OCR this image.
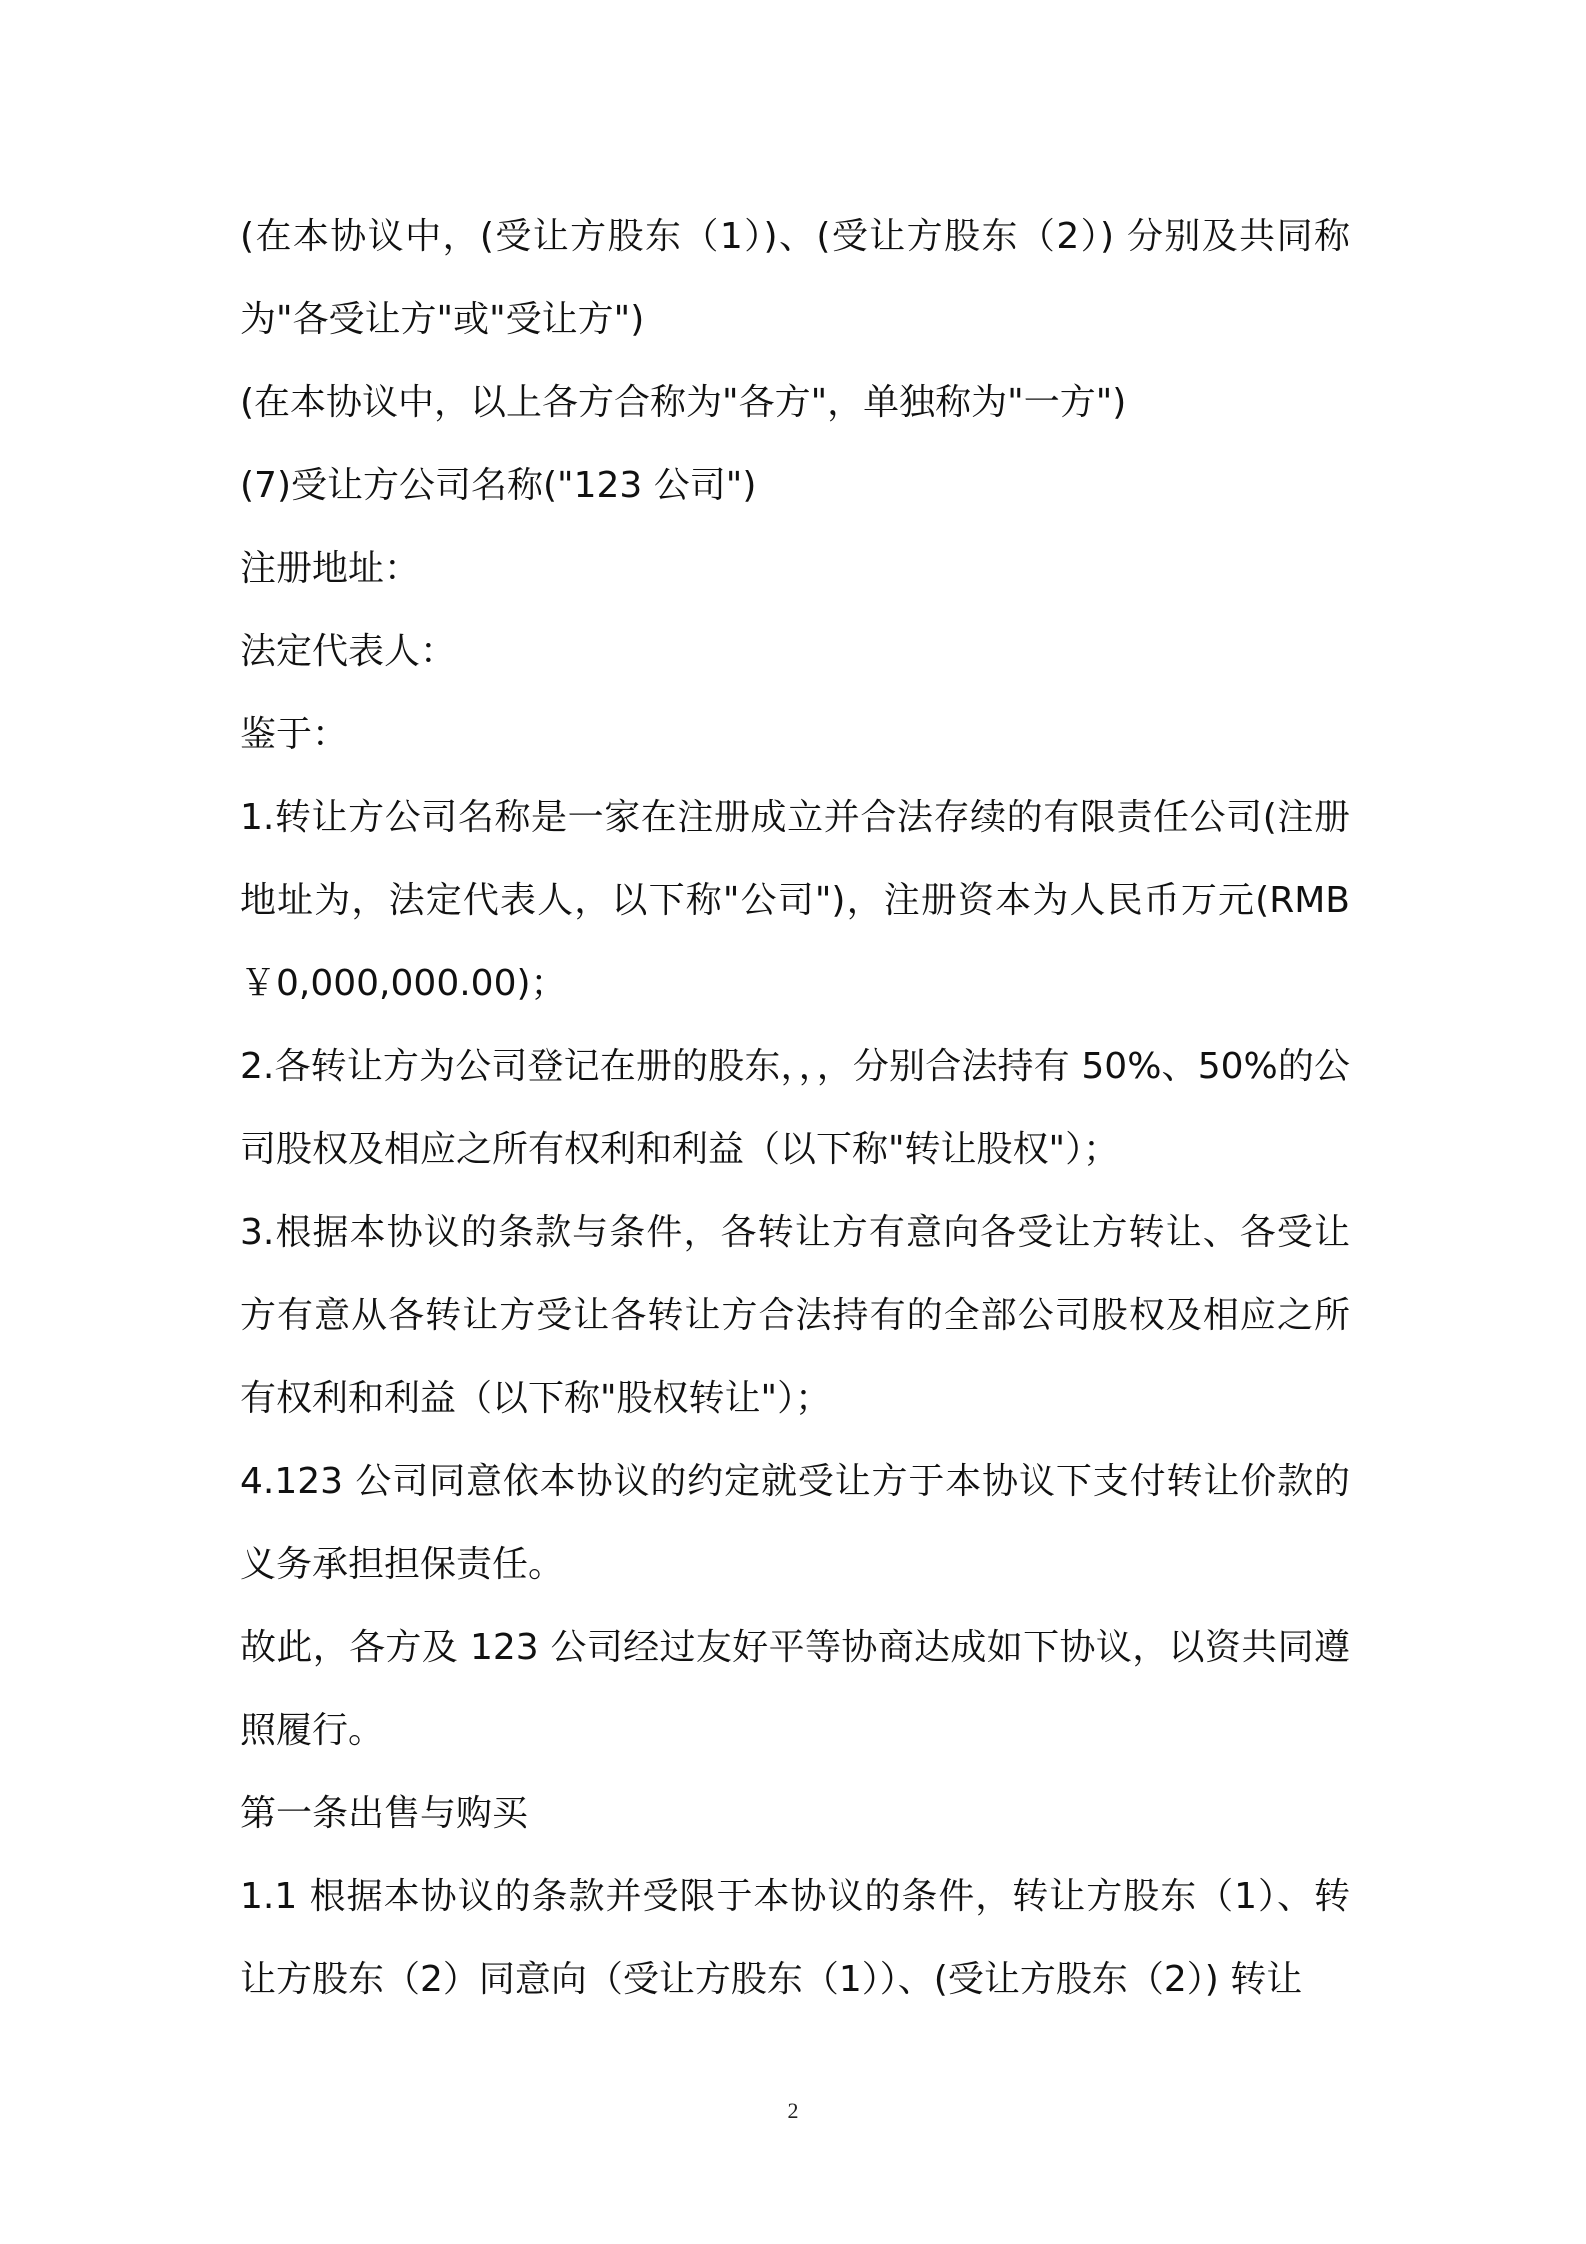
(在本协议中，(受让方股东（1）)、(受让方股东（2）) 分别及共同称为"各受让方"或"受让方")

(在本协议中，以上各方合称为"各方"，单独称为"一方")

(7)受让方公司名称("123 公司")

注册地址：

法定代表人：

鉴于：

1.转让方公司名称是一家在注册成立并合法存续的有限责任公司(注册地址为，法定代表人，以下称"公司")，注册资本为人民币万元(RMB ￥0,000,000.00)；

2.各转让方为公司登记在册的股东，，，分别合法持有 50%、50%的公司股权及相应之所有权利和利益（以下称"转让股权"）；

3.根据本协议的条款与条件，各转让方有意向各受让方转让、各受让方有意从各转让方受让各转让方合法持有的全部公司股权及相应之所有权利和利益（以下称"股权转让"）；

4.123 公司同意依本协议的约定就受让方于本协议下支付转让价款的义务承担担保责任。

故此，各方及 123 公司经过友好平等协商达成如下协议，以资共同遵照履行。

第一条出售与购买

1.1 根据本协议的条款并受限于本协议的条件，转让方股东（1）、转让方股东（2）同意向（受让方股东（1））、(受让方股东（2）) 转让

2
